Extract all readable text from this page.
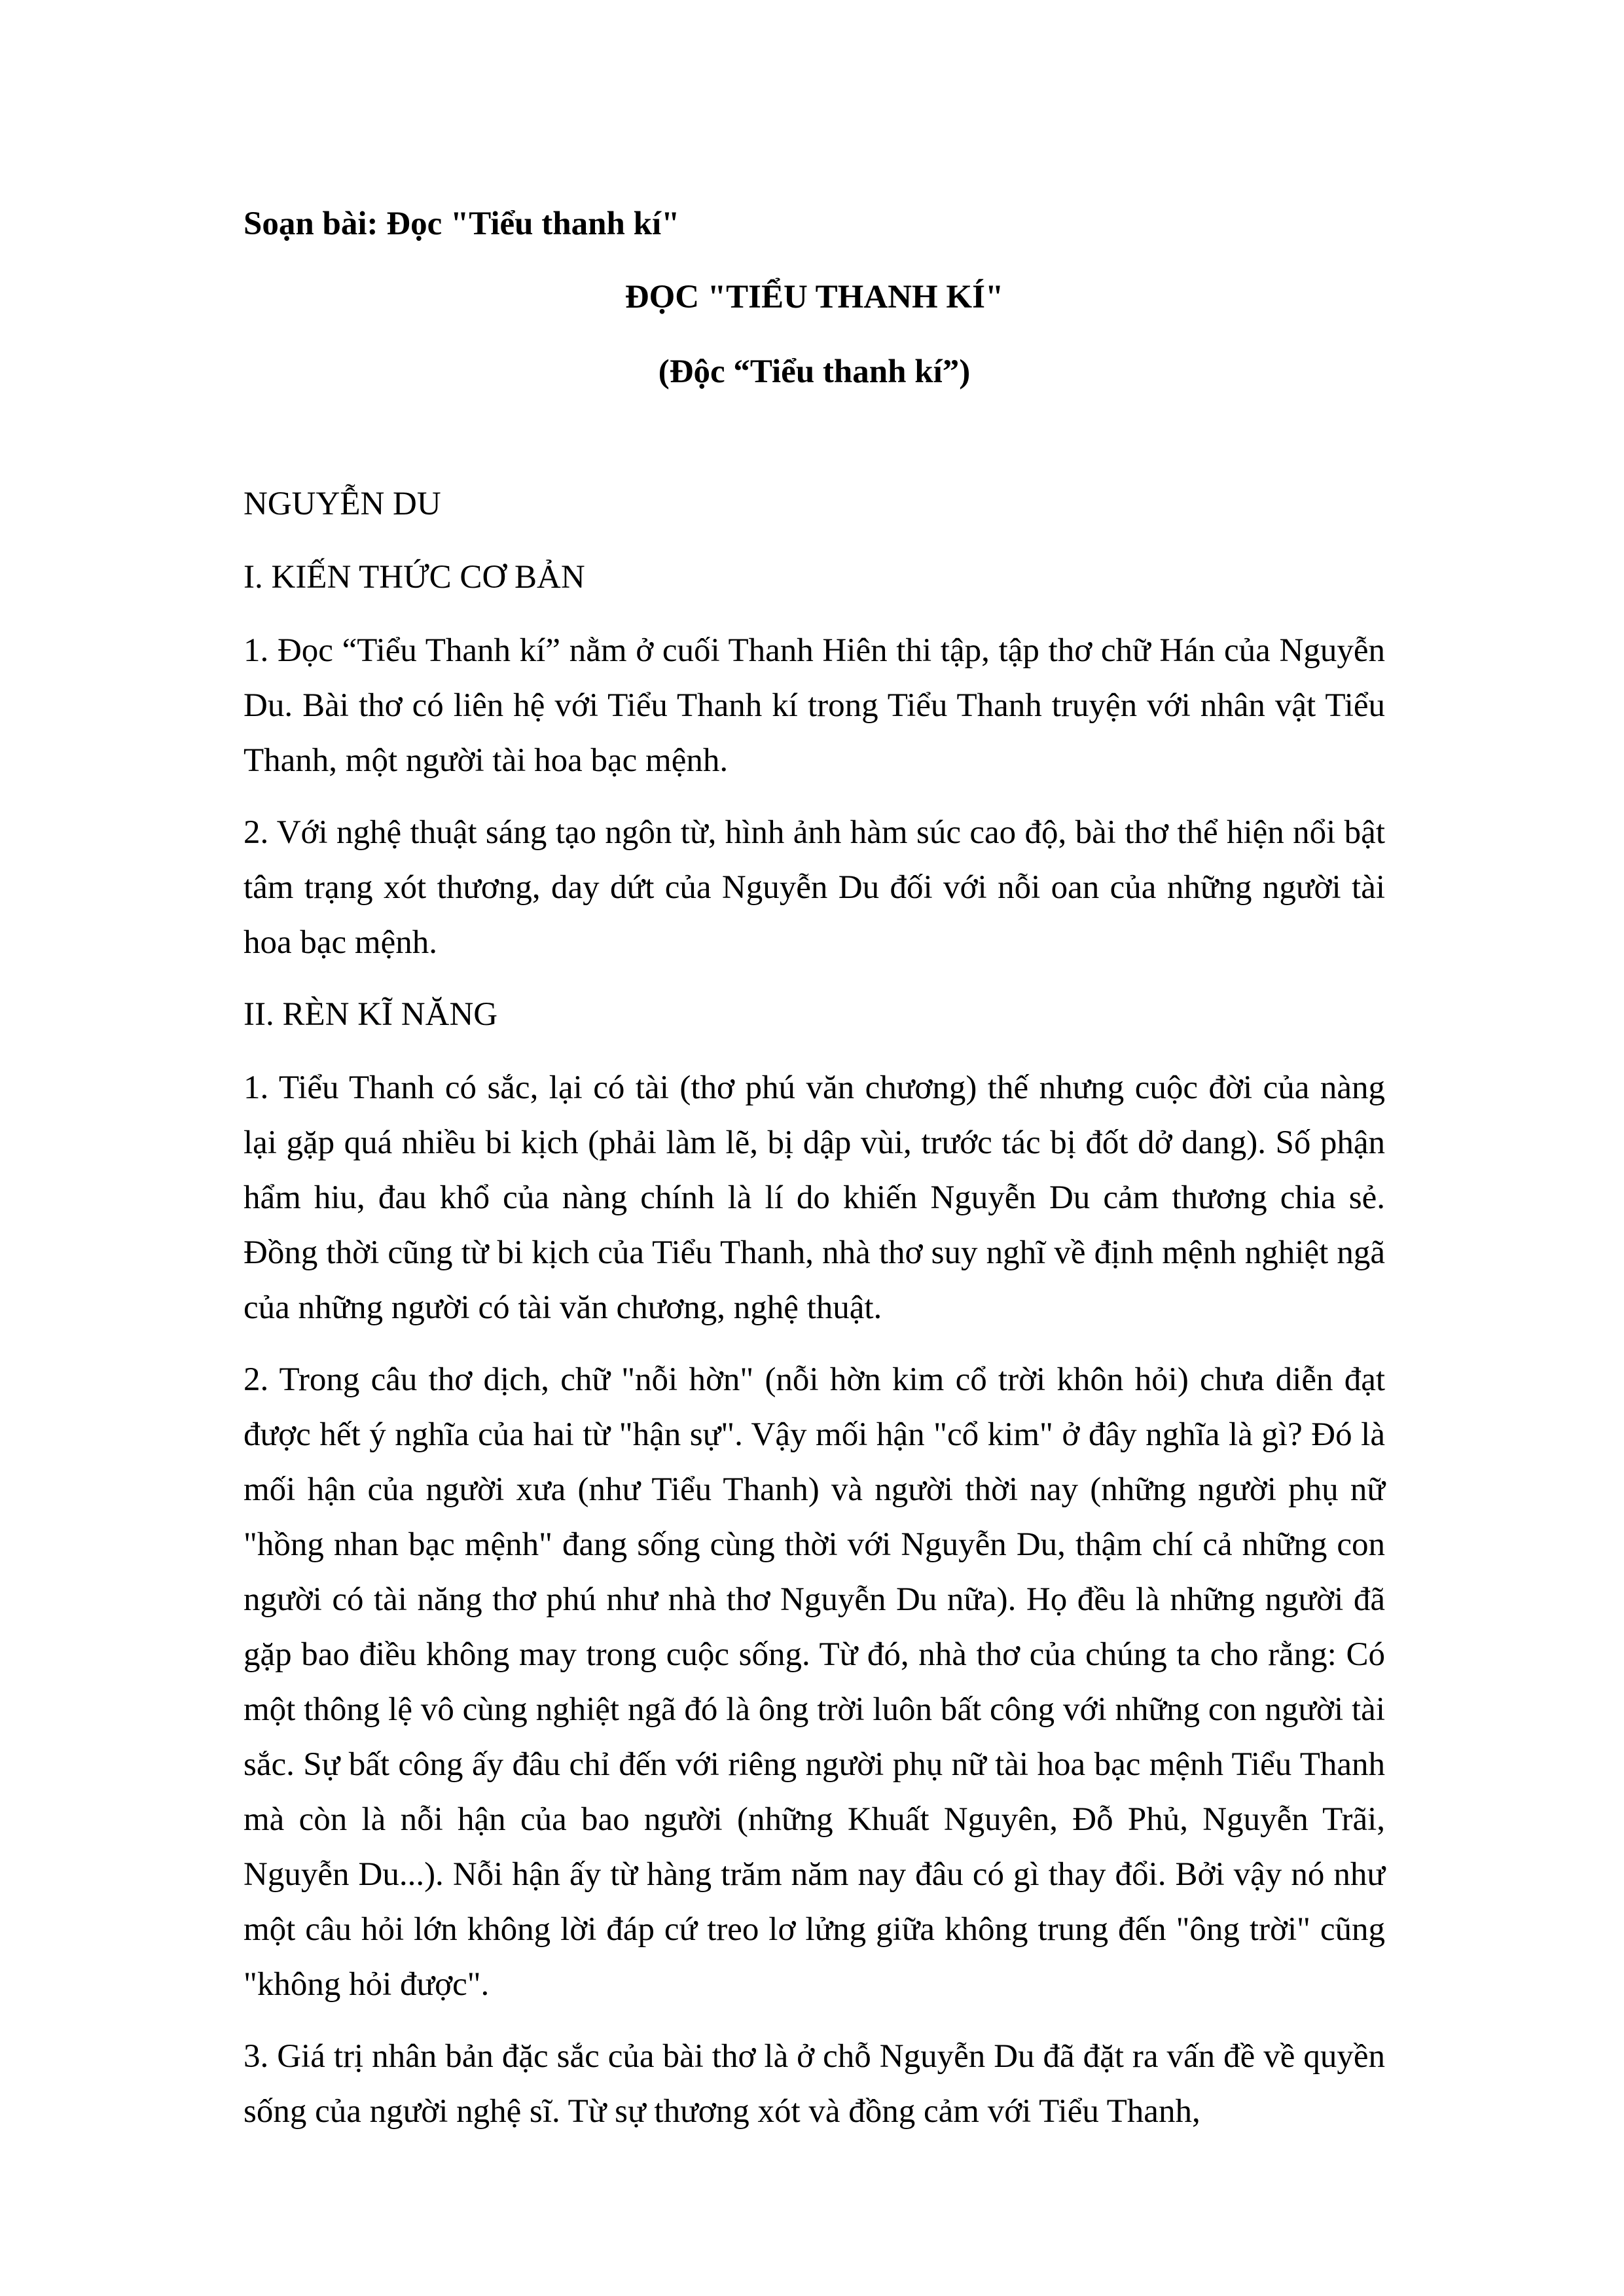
Soạn bài: Đọc "Tiểu thanh kí"

ĐỌC "TIỂU THANH KÍ"

(Độc “Tiểu thanh kí”)

NGUYỄN DU

I. KIẾN THỨC CƠ BẢN

1. Đọc “Tiểu Thanh kí” nằm ở cuối Thanh Hiên thi tập, tập thơ chữ Hán của Nguyễn Du. Bài thơ có liên hệ với Tiểu Thanh kí trong Tiểu Thanh truyện với nhân vật Tiểu Thanh, một người tài hoa bạc mệnh.

2. Với nghệ thuật sáng tạo ngôn từ, hình ảnh hàm súc cao độ, bài thơ thể hiện nổi bật tâm trạng xót thương, day dứt của Nguyễn Du đối với nỗi oan của những người tài hoa bạc mệnh.

II. RÈN KĨ NĂNG

1. Tiểu Thanh có sắc, lại có tài (thơ phú văn chương) thế nhưng cuộc đời của nàng lại gặp quá nhiều bi kịch (phải làm lẽ, bị dập vùi, trước tác bị đốt dở dang). Số phận hẩm hiu, đau khổ của nàng chính là lí do khiến Nguyễn Du cảm thương chia sẻ. Đồng thời cũng từ bi kịch của Tiểu Thanh, nhà thơ suy nghĩ về định mệnh nghiệt ngã của những người có tài văn chương, nghệ thuật.

2. Trong câu thơ dịch, chữ "nỗi hờn" (nỗi hờn kim cổ trời khôn hỏi) chưa diễn đạt được hết ý nghĩa của hai từ "hận sự". Vậy mối hận "cổ kim" ở đây nghĩa là gì? Đó là mối hận của người xưa (như Tiểu Thanh) và người thời nay (những người phụ nữ "hồng nhan bạc mệnh" đang sống cùng thời với Nguyễn Du, thậm chí cả những con người có tài năng thơ phú như nhà thơ Nguyễn Du nữa). Họ đều là những người đã gặp bao điều không may trong cuộc sống. Từ đó, nhà thơ của chúng ta cho rằng: Có một thông lệ vô cùng nghiệt ngã đó là ông trời luôn bất công với những con người tài sắc. Sự bất công ấy đâu chỉ đến với riêng người phụ nữ tài hoa bạc mệnh Tiểu Thanh mà còn là nỗi hận của bao người (những Khuất Nguyên, Đỗ Phủ, Nguyễn Trãi, Nguyễn Du...). Nỗi hận ấy từ hàng trăm năm nay đâu có gì thay đổi. Bởi vậy nó như một câu hỏi lớn không lời đáp cứ treo lơ lửng giữa không trung đến "ông trời" cũng "không hỏi được".

3. Giá trị nhân bản đặc sắc của bài thơ là ở chỗ Nguyễn Du đã đặt ra vấn đề về quyền sống của người nghệ sĩ. Từ sự thương xót và đồng cảm với Tiểu Thanh,
